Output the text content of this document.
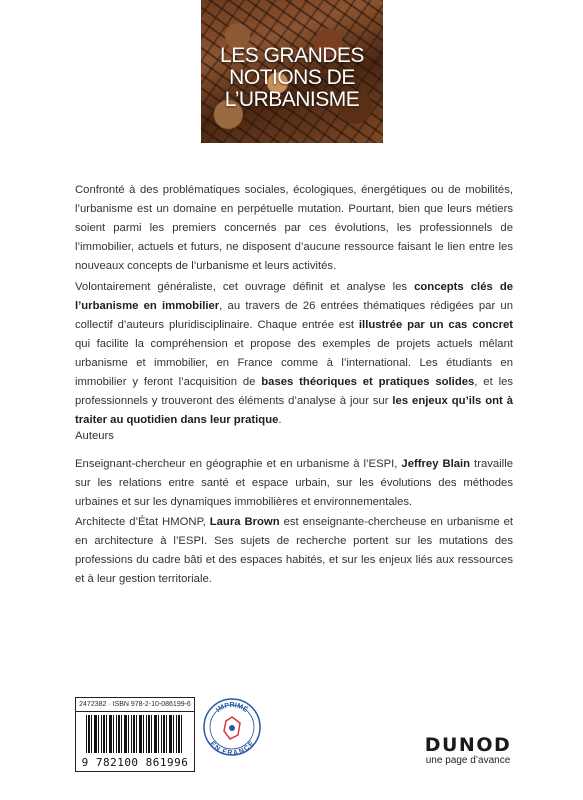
LES GRANDES
NOTIONS DE
L’URBANISME

Confronté à des problématiques sociales, écologiques, énergétiques ou de mobilités, l’urbanisme est un domaine en perpétuelle mutation. Pourtant, bien que leurs métiers soient parmi les premiers concernés par ces évolutions, les professionnels de l’immobilier, actuels et futurs, ne disposent d’aucune ressource faisant le lien entre les nouveaux concepts de l’urbanisme et leurs activités.

Volontairement généraliste, cet ouvrage définit et analyse les concepts clés de l’urbanisme en immobilier, au travers de 26 entrées thématiques rédigées par un collectif d’auteurs pluridisciplinaire. Chaque entrée est illustrée par un cas concret qui facilite la compréhension et propose des exemples de projets actuels mêlant urbanisme et immobilier, en France comme à l’international. Les étudiants en immobilier y feront l’acquisition de bases théoriques et pratiques solides, et les professionnels y trouveront des éléments d’analyse à jour sur les enjeux qu’ils ont à traiter au quotidien dans leur pratique.

Auteurs

Enseignant-chercheur en géographie et en urbanisme à l’ESPI, Jeffrey Blain travaille sur les relations entre santé et espace urbain, sur les évolutions des méthodes urbaines et sur les dynamiques immobilières et environnementales.

Architecte d’État HMONP, Laura Brown est enseignante-chercheuse en urbanisme et en architecture à l’ESPI. Ses sujets de recherche portent sur les mutations des professions du cadre bâti et des espaces habités, et sur les enjeux liés aux ressources et à leur gestion territoriale.

2472382 · ISBN 978-2-10-086199-6
9 782100 861996
IMPRIMÉ
EN FRANCE	DUNOD
une page d’avance
